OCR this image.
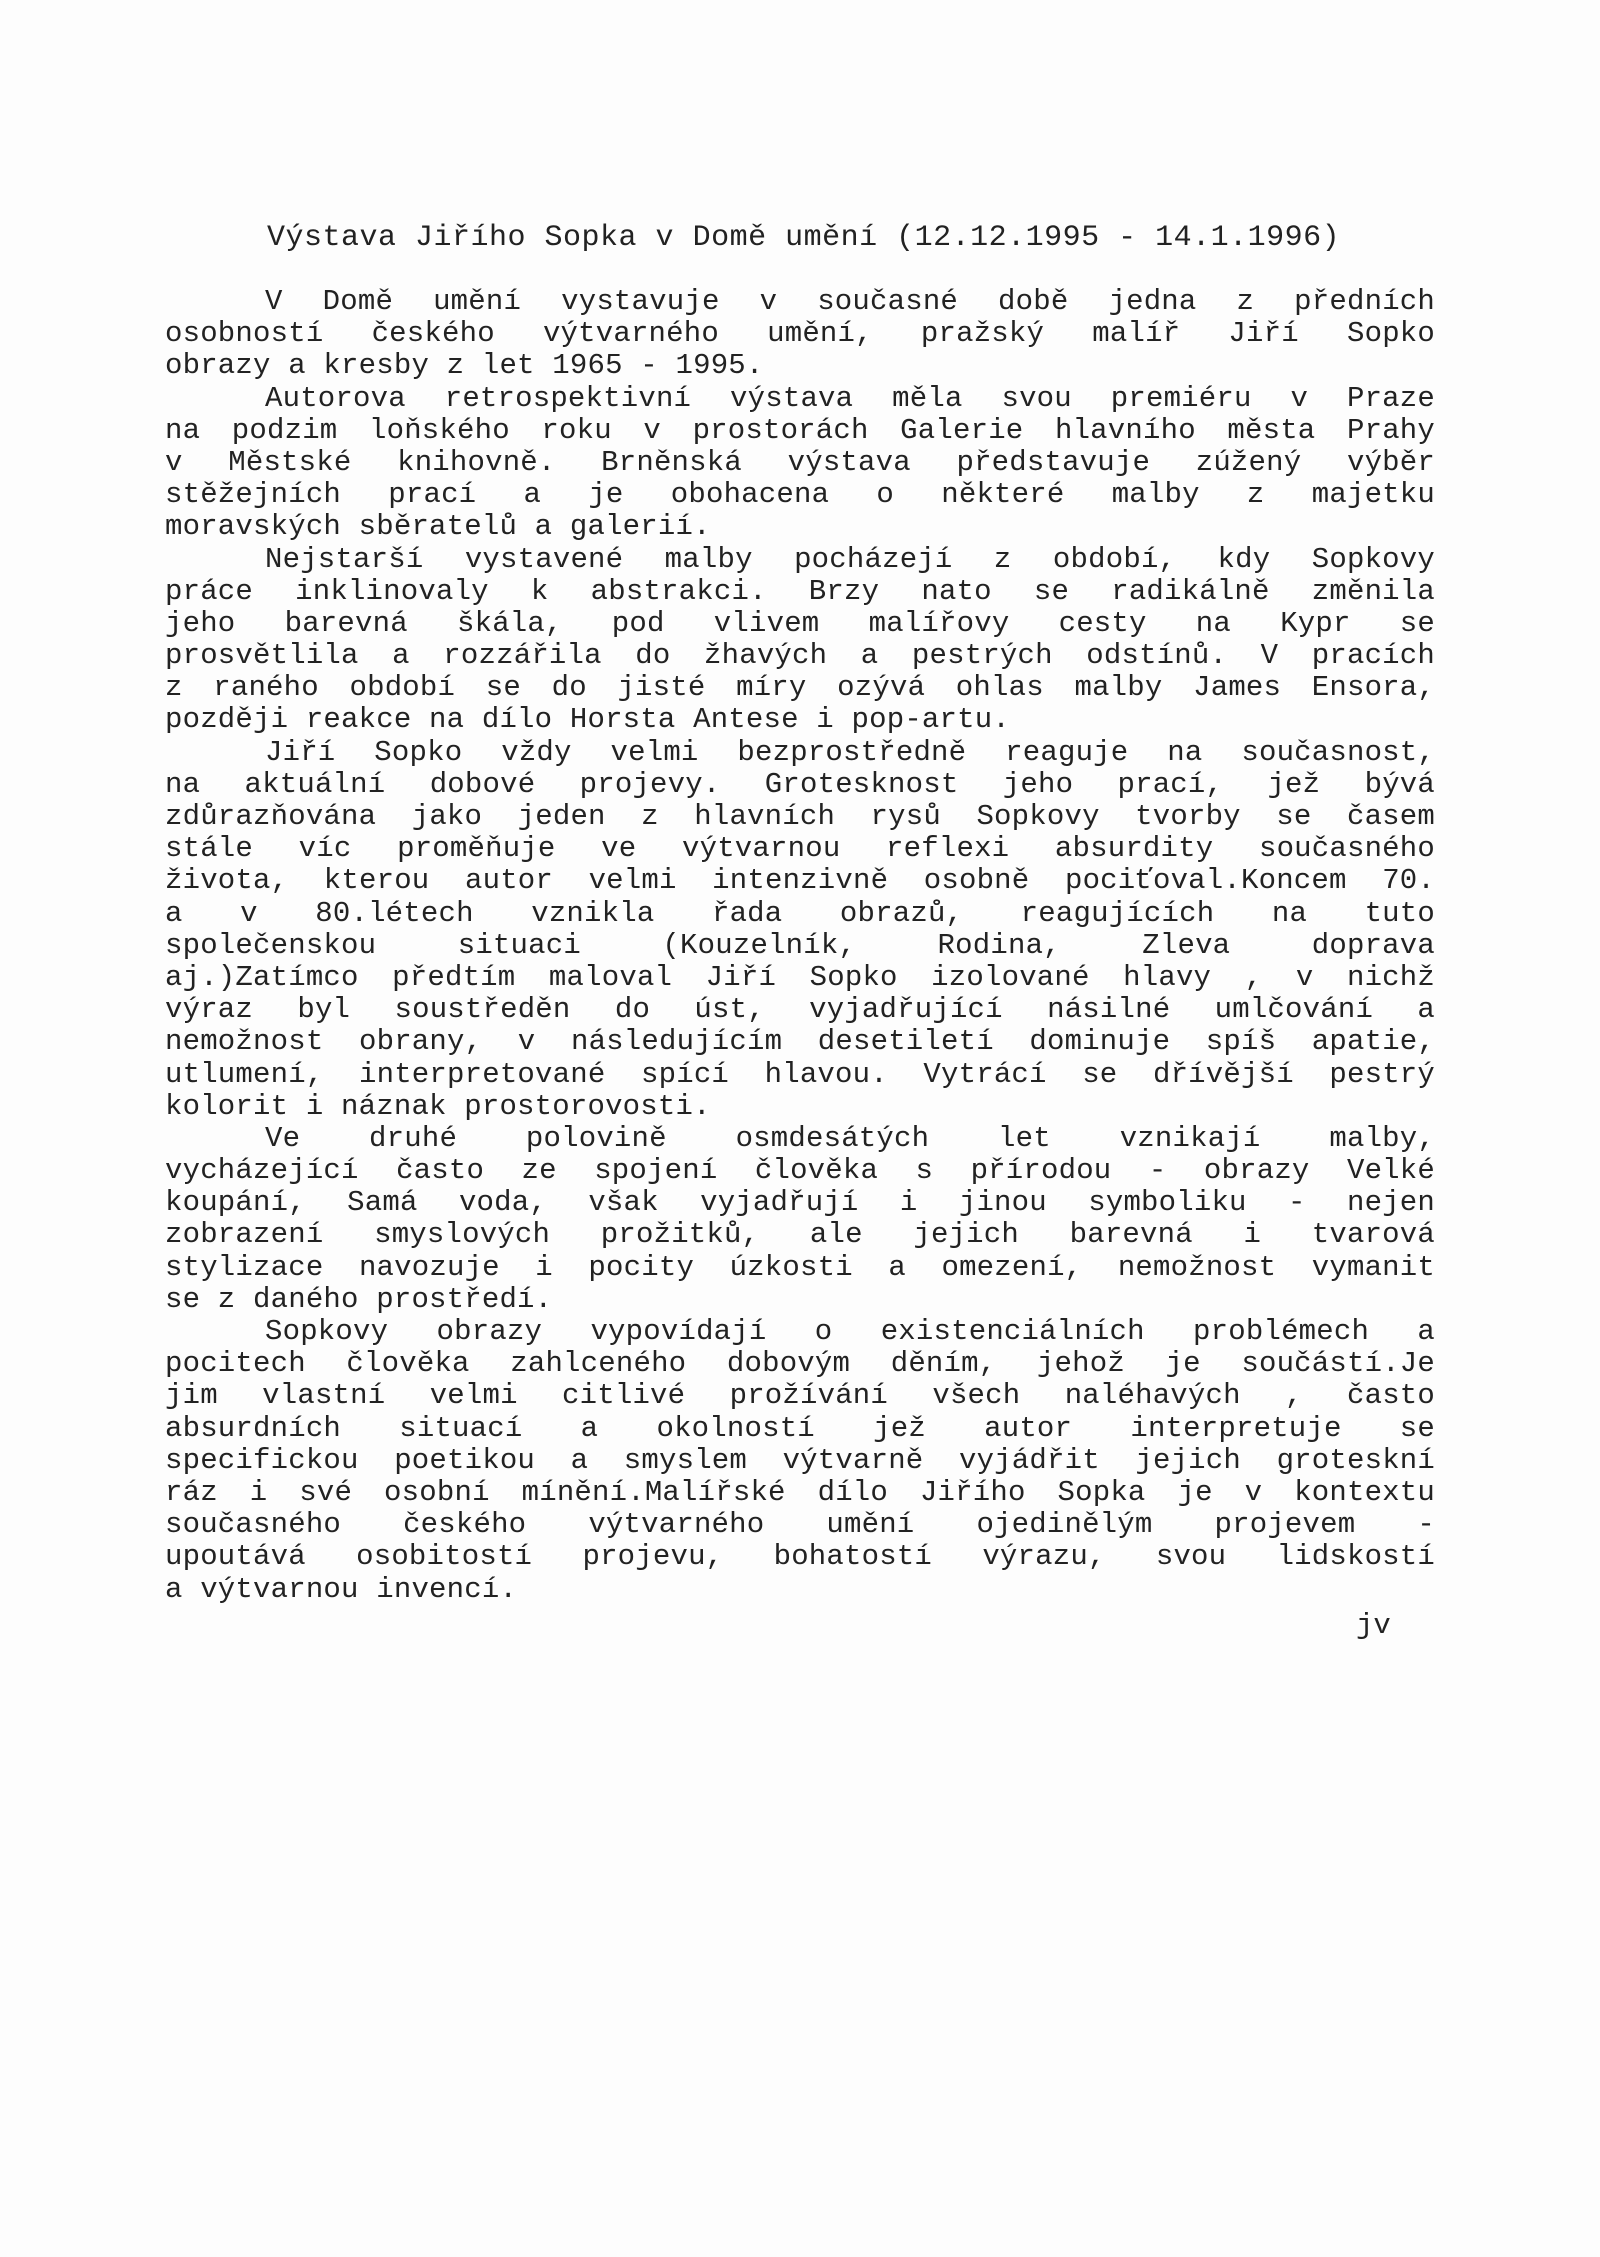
Výstava Jiřího Sopka v Domě umění (12.12.1995 - 14.1.1996)
V Domě umění vystavuje v současné době jedna z předních
osobností českého výtvarného umění, pražský malíř Jiří Sopko
obrazy a kresby z let 1965 - 1995.
Autorova retrospektivní výstava měla svou premiéru v Praze
na podzim loňského roku v prostorách Galerie hlavního města Prahy
v Městské knihovně. Brněnská výstava představuje zúžený výběr
stěžejních prací a je obohacena o některé malby z majetku
moravských sběratelů a galerií.
Nejstarší vystavené malby pocházejí z období, kdy Sopkovy
práce inklinovaly k abstrakci. Brzy nato se radikálně změnila
jeho barevná škála, pod vlivem malířovy cesty na Kypr se
prosvětlila a rozzářila do žhavých a pestrých odstínů. V pracích
z raného období se do jisté míry ozývá ohlas malby James Ensora,
později reakce na dílo Horsta Antese i pop-artu.
Jiří Sopko vždy velmi bezprostředně reaguje na současnost,
na aktuální dobové projevy. Grotesknost jeho prací, jež bývá
zdůrazňována jako jeden z hlavních rysů Sopkovy tvorby se časem
stále víc proměňuje ve výtvarnou reflexi absurdity současného
života, kterou autor velmi intenzivně osobně pociťoval.Koncem 70.
a v 80.létech vznikla řada obrazů, reagujících na tuto
společenskou situaci (Kouzelník, Rodina, Zleva doprava
aj.)Zatímco předtím maloval Jiří Sopko izolované hlavy , v nichž
výraz byl soustředěn do úst, vyjadřující násilné umlčování a
nemožnost obrany, v následujícím desetiletí dominuje spíš apatie,
utlumení, interpretované spící hlavou. Vytrácí se dřívější pestrý
kolorit i náznak prostorovosti.
Ve druhé polovině osmdesátých let vznikají malby,
vycházející často ze spojení člověka s přírodou - obrazy Velké
koupání, Samá voda, však vyjadřují i jinou symboliku - nejen
zobrazení smyslových prožitků, ale jejich barevná i tvarová
stylizace navozuje i pocity úzkosti a omezení, nemožnost vymanit
se z daného prostředí.
Sopkovy obrazy vypovídají o existenciálních problémech a
pocitech člověka zahlceného dobovým děním, jehož je součástí.Je
jim vlastní velmi citlivé prožívání všech naléhavých , často
absurdních situací a okolností jež autor interpretuje se
specifickou poetikou a smyslem výtvarně vyjádřit jejich groteskní
ráz i své osobní mínění.Malířské dílo Jiřího Sopka je v kontextu
současného českého výtvarného umění ojedinělým projevem -
upoutává osobitostí projevu, bohatostí výrazu, svou lidskostí
a výtvarnou invencí.
jv
